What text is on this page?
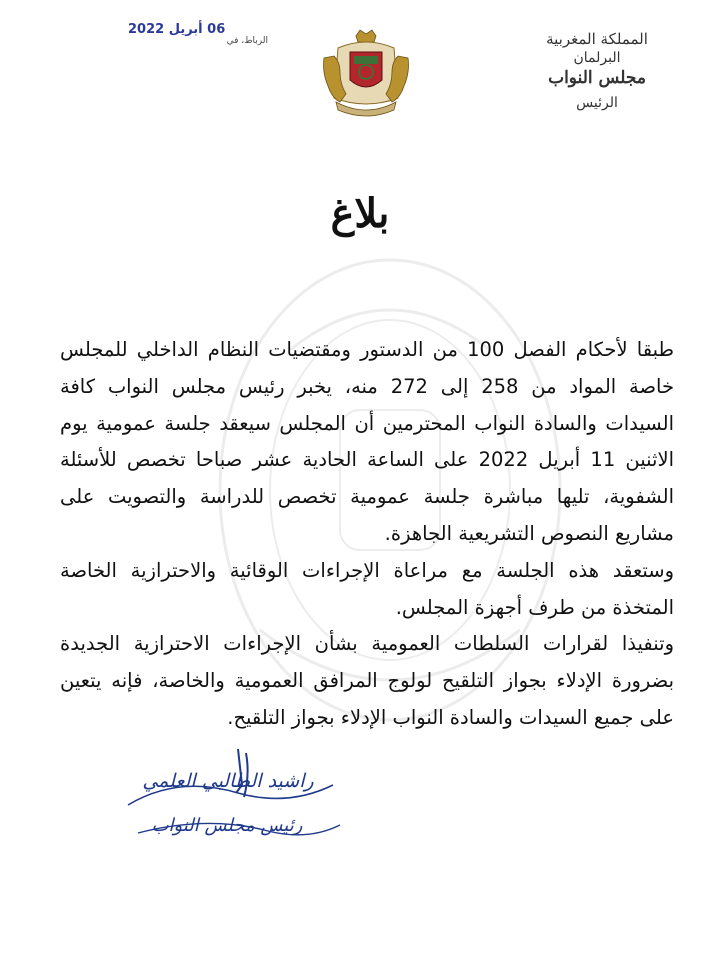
المملكة المغربية
البرلمان
مجلس النواب
الرئيس
06 أبريل 2022
الرباط، في
بلاغ

طبقا لأحكام الفصل 100 من الدستور ومقتضيات النظام الداخلي للمجلس خاصة المواد من 258 إلى 272 منه، يخبر رئيس مجلس النواب كافة السيدات والسادة النواب المحترمين أن المجلس سيعقد جلسة عمومية يوم الاثنين 11 أبريل 2022 على الساعة الحادية عشر صباحا تخصص للأسئلة الشفوية، تليها مباشرة جلسة عمومية تخصص للدراسة والتصويت على مشاريع النصوص التشريعية الجاهزة.

وستعقد هذه الجلسة مع مراعاة الإجراءات الوقائية والاحترازية الخاصة المتخذة من طرف أجهزة المجلس.

وتنفيذا لقرارات السلطات العمومية بشأن الإجراءات الاحترازية الجديدة بضرورة الإدلاء بجواز التلقيح لولوج المرافق العمومية والخاصة، فإنه يتعين على جميع السيدات والسادة النواب الإدلاء بجواز التلقيح.

راشيد الطالبي العلمي
رئيس مجلس النواب
